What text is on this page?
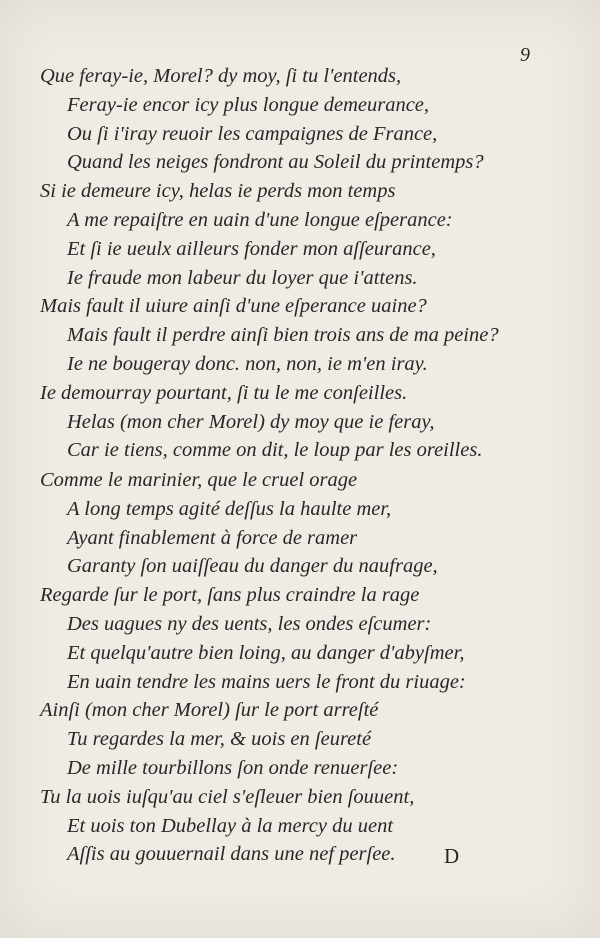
9
Que feray-ie, Morel? dy moy, ſi tu l'entends,
Feray-ie encor icy plus longue demeurance,
Ou ſi i'iray reuoir les campaignes de France,
Quand les neiges fondront au Soleil du printemps?
Si ie demeure icy, helas ie perds mon temps
A me repaiſtre en uain d'une longue eſperance:
Et ſi ie ueulx ailleurs fonder mon aſſeurance,
Ie fraude mon labeur du loyer que i'attens.
Mais fault il uiure ainſi d'une eſperance uaine?
Mais fault il perdre ainſi bien trois ans de ma peine?
Ie ne bougeray donc. non, non, ie m'en iray.
Ie demourray pourtant, ſi tu le me conſeilles.
Helas (mon cher Morel) dy moy que ie feray,
Car ie tiens, comme on dit, le loup par les oreilles.
Comme le marinier, que le cruel orage
A long temps agité deſſus la haulte mer,
Ayant finablement à force de ramer
Garanty ſon uaiſſeau du danger du naufrage,
Regarde ſur le port, ſans plus craindre la rage
Des uagues ny des uents, les ondes eſcumer:
Et quelqu'autre bien loing, au danger d'abyſmer,
En uain tendre les mains uers le front du riuage:
Ainſi (mon cher Morel) ſur le port arreſté
Tu regardes la mer, & uois en ſeureté
De mille tourbillons ſon onde renuerſee:
Tu la uois iuſqu'au ciel s'eſleuer bien ſouuent,
Et uois ton Dubellay à la mercy du uent
Aſſis au gouuernail dans une nef perſee.	D
